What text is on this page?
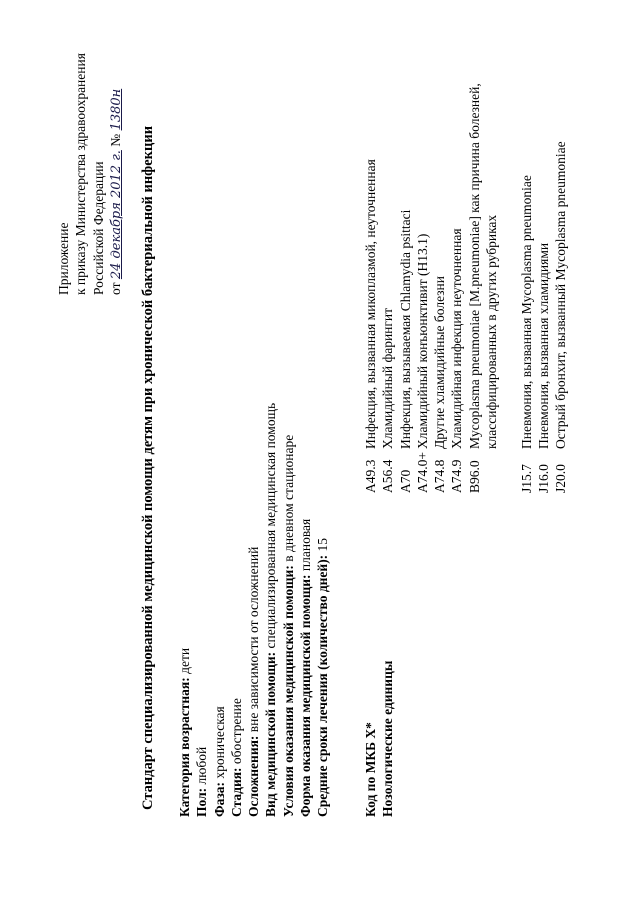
Приложение к приказу Министерства здравоохранения Российской Федерации от 24 декабря 2012 г. № 1380н
Стандарт специализированной медицинской помощи детям при хронической бактериальной инфекции Категория возрастная: дети
Пол: любой
Фаза: хроническая
Стадия: обострение
Осложнения: вне зависимости от осложнений Вид медицинской помощи: специализированная медицинская помощь
Условия оказания медицинской помощи: в дневном стационаре
Форма оказания медицинской помощи: плановая
Средние сроки лечения (количество дней): 15
Код по МКБ X* Нозологические единицы
A49.3
Инфекция, вызванная микоплазмой, неуточненная
A56.4
Хламидийный фарингит
A70
Инфекция, вызываемая Chlamydia psittaci
A74.0+
Хламидийный конъюнктивит (H13.1)
A74.8
Другие хламидийные болезни
A74.9
Хламидийная инфекция неуточненная
B96.0
Mycoplasma pneumoniae [M.pneumoniae] как причина болезней, классифицированных в других рубриках
J15.7
Пневмония, вызванная Mycoplasma pneumoniae
J16.0
Пневмония, вызванная хламидиями
J20.0
Острый бронхит, вызванный Mycoplasma pneumoniae
